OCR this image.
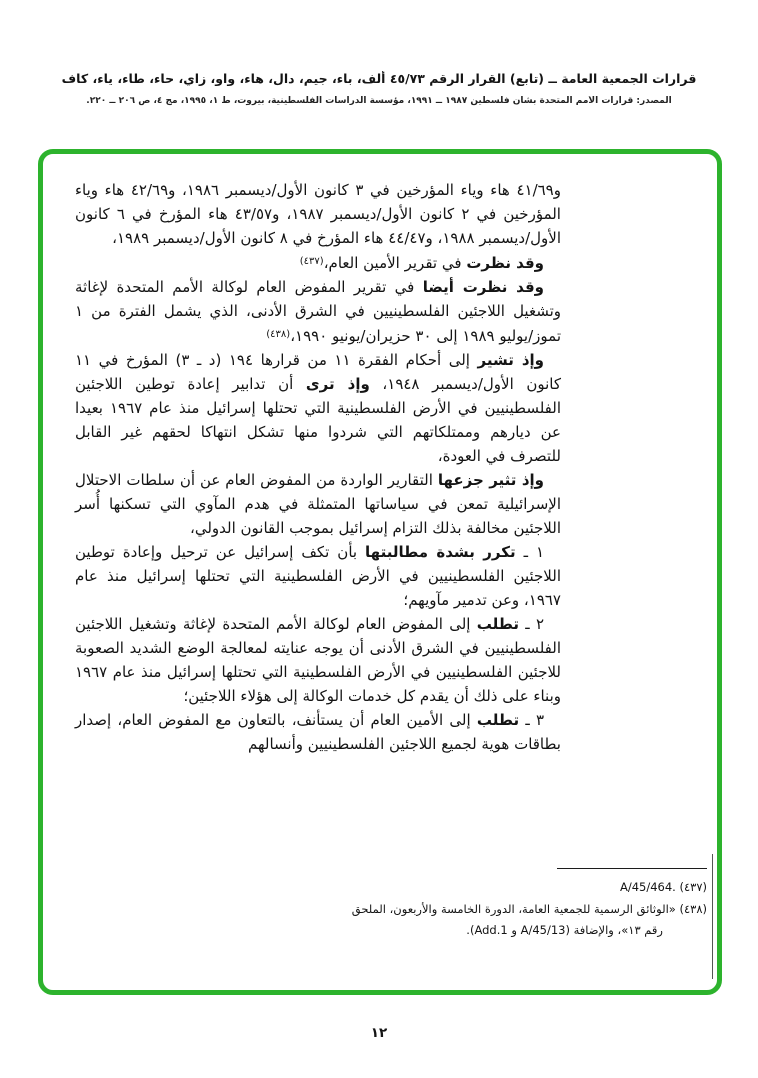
قرارات الجمعية العامة ــ (تابع) القرار الرقم ٤٥/٧٣ ألف، باء، جيم، دال، هاء، واو، زاي، حاء، طاء، ياء، كاف
المصدر: قرارات الأمم المتحدة بشأن فلسطين ١٩٨٧ ــ ١٩٩١، مؤسسة الدراسات الفلسطينية، بيروت، ط ١، ١٩٩٥، مج ٤، ص ٢٠٦ ــ ٢٢٠.

و٤١/٦٩ هاء وياء المؤرخين في ٣ كانون الأول/ديسمبر ١٩٨٦، و٤٢/٦٩ هاء وياء المؤرخين في ٢ كانون الأول/ديسمبر ١٩٨٧، و٤٣/٥٧ هاء المؤرخ في ٦ كانون الأول/ديسمبر ١٩٨٨، و٤٤/٤٧ هاء المؤرخ في ٨ كانون الأول/ديسمبر ١٩٨٩،

وقد نظرت في تقرير الأمين العام،$^{(٤٣٧)}$

وقد نظرت أيضا في تقرير المفوض العام لوكالة الأمم المتحدة لإغاثة وتشغيل اللاجئين الفلسطينيين في الشرق الأدنى، الذي يشمل الفترة من ١ تموز/يوليو ١٩٨٩ إلى ٣٠ حزيران/يونيو ١٩٩٠،$^{(٤٣٨)}$

وإذ تشير إلى أحكام الفقرة ١١ من قرارها ١٩٤ (د ـ ٣) المؤرخ في ١١ كانون الأول/ديسمبر ١٩٤٨، وإذ ترى أن تدابير إعادة توطين اللاجئين الفلسطينيين في الأرض الفلسطينية التي تحتلها إسرائيل منذ عام ١٩٦٧ بعيدا عن ديارهم وممتلكاتهم التي شردوا منها تشكل انتهاكا لحقهم غير القابل للتصرف في العودة،

وإذ تثير جزعها التقارير الواردة من المفوض العام عن أن سلطات الاحتلال الإسرائيلية تمعن في سياساتها المتمثلة في هدم المآوي التي تسكنها أُسر اللاجئين مخالفة بذلك التزام إسرائيل بموجب القانون الدولي،

١ ـ تكرر بشدة مطالبتها بأن تكف إسرائيل عن ترحيل وإعادة توطين اللاجئين الفلسطينيين في الأرض الفلسطينية التي تحتلها إسرائيل منذ عام ١٩٦٧، وعن تدمير مآويهم؛

٢ ـ تطلب إلى المفوض العام لوكالة الأمم المتحدة لإغاثة وتشغيل اللاجئين الفلسطينيين في الشرق الأدنى أن يوجه عنايته لمعالجة الوضع الشديد الصعوبة للاجئين الفلسطينيين في الأرض الفلسطينية التي تحتلها إسرائيل منذ عام ١٩٦٧ وبناء على ذلك أن يقدم كل خدمات الوكالة إلى هؤلاء اللاجئين؛

٣ ـ تطلب إلى الأمين العام أن يستأنف، بالتعاون مع المفوض العام، إصدار بطاقات هوية لجميع اللاجئين الفلسطينيين وأنسالهم

(٤٣٧) A/45/464.

(٤٣٨) «الوثائق الرسمية للجمعية العامة، الدورة الخامسة والأربعون، الملحق رقم ١٣»، والإضافة (A/45/13 و Add.1).

١٢
